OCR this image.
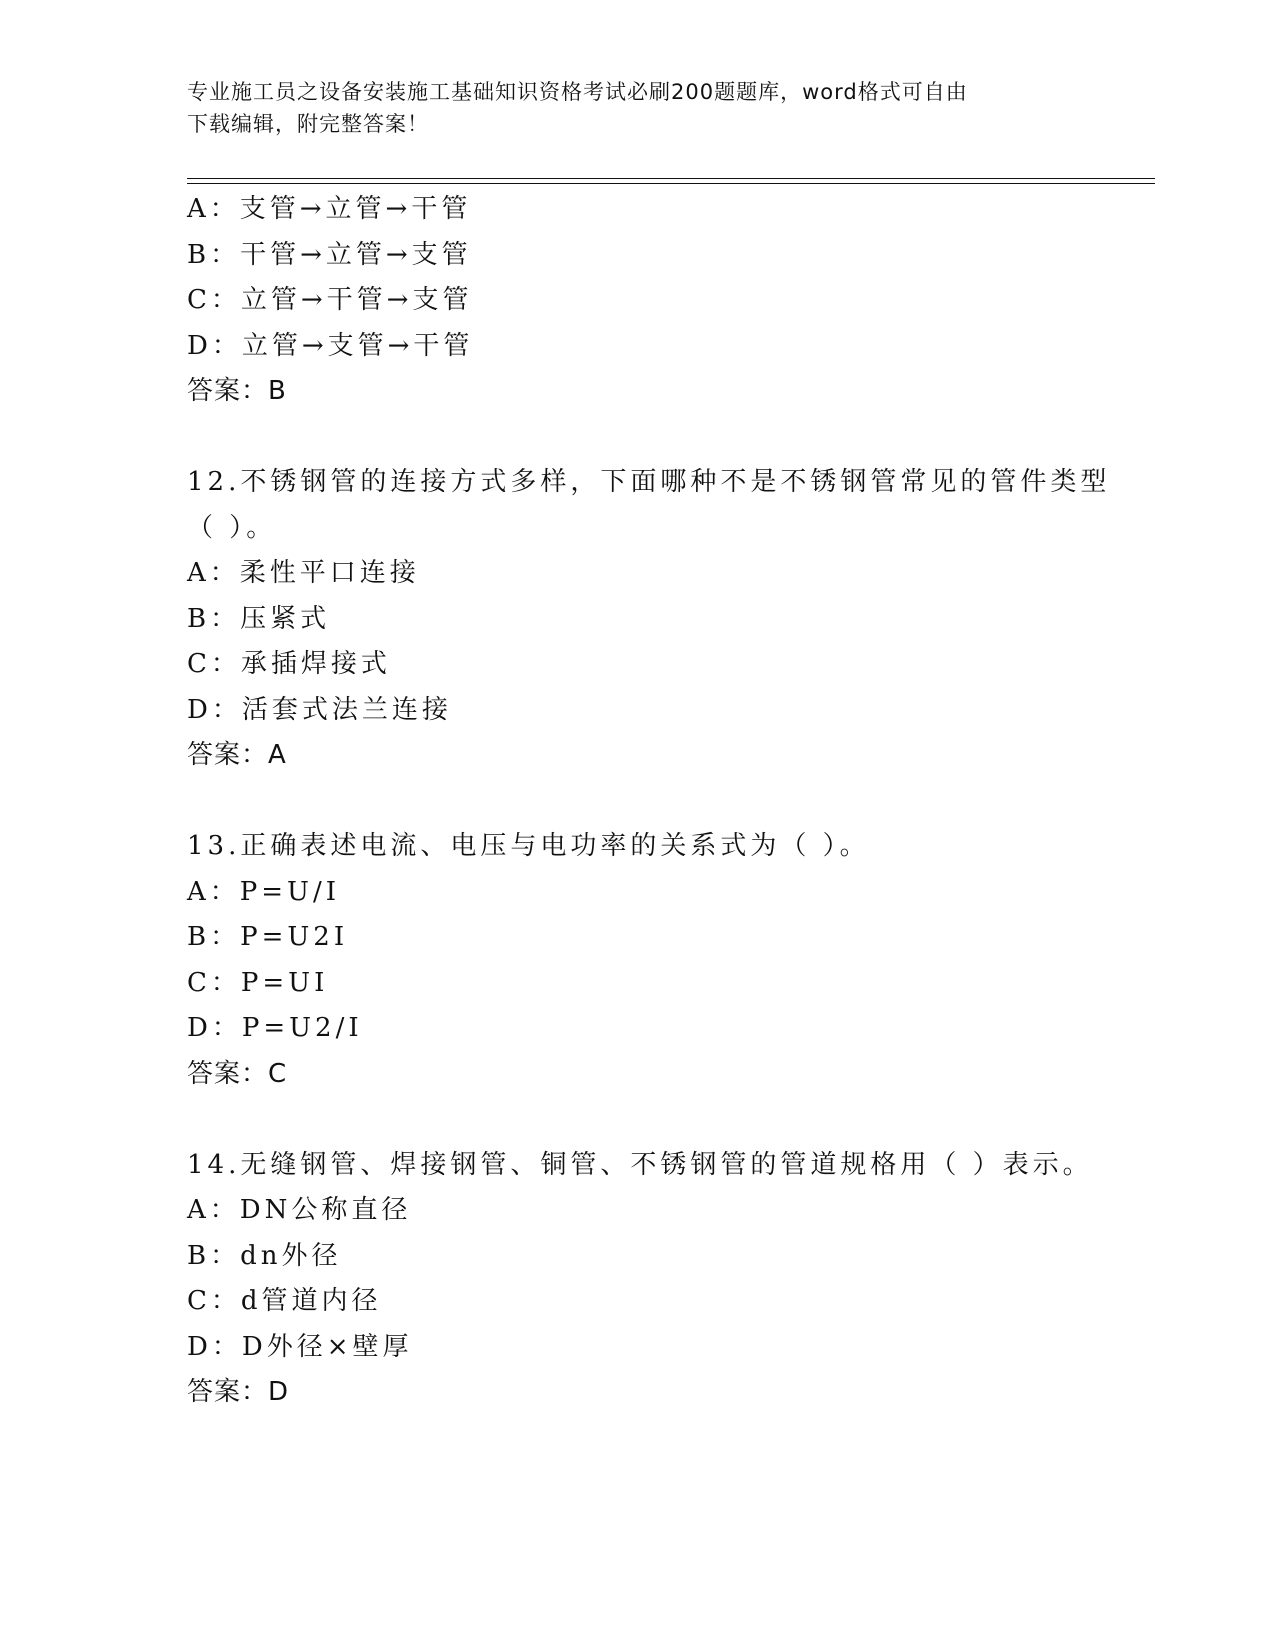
专业施工员之设备安装施工基础知识资格考试必刷200题题库，word格式可自由
下载编辑，附完整答案！
A：支管→立管→干管
B：干管→立管→支管
C：立管→干管→支管
D：立管→支管→干管
答案：B
12.不锈钢管的连接方式多样，下面哪种不是不锈钢管常见的管件类型
（ ）。
A：柔性平口连接
B：压紧式
C：承插焊接式
D：活套式法兰连接
答案：A
13.正确表述电流、电压与电功率的关系式为（ ）。
A：P=U/I
B：P=U2I
C：P=UI
D：P=U2/I
答案：C
14.无缝钢管、焊接钢管、铜管、不锈钢管的管道规格用（ ）表示。
A：DN公称直径
B：dn外径
C：d管道内径
D：D外径×壁厚
答案：D
